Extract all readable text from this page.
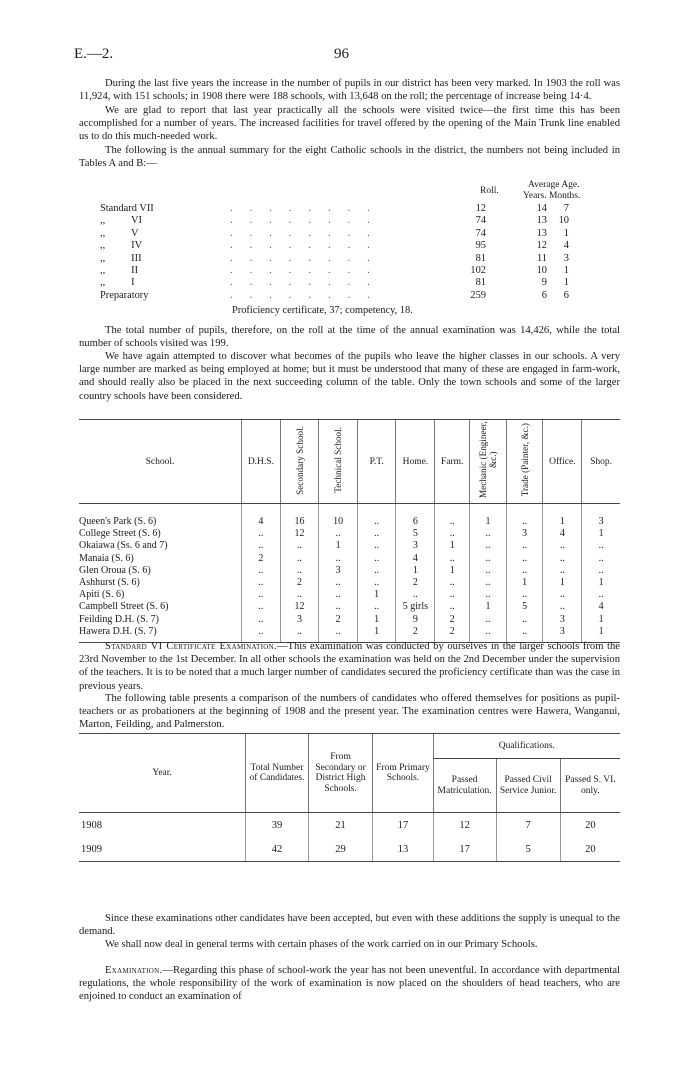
E.—2.	96

During the last five years the increase in the number of pupils in our district has been very marked. In 1903 the roll was 11,924, with 151 schools; in 1908 there were 188 schools, with 13,648 on the roll; the percentage of increase being 14·4.

We are glad to report that last year practically all the schools were visited twice—the first time this has been accomplished for a number of years. The increased facilities for travel offered by the opening of the Main Trunk line enabled us to do this much-needed work.

The following is the annual summary for the eight Catholic schools in the district, the numbers not being included in Tables A and B:—

Roll.
Average Age.
Years. Months.
Standard VII	........	12	14	7
,,          VI	........	74	13	10
,,          V	........	74	13	1
,,          IV	........	95	12	4
,,          III	........	81	11	3
,,          II	........	102	10	1
,,          I	........	81	9	1
Preparatory	........	259	6	6
Proficiency certificate, 37; competency, 18.

The total number of pupils, therefore, on the roll at the time of the annual examination was 14,426, while the total number of schools visited was 199.

We have again attempted to discover what becomes of the pupils who leave the higher classes in our schools. A very large number are marked as being employed at home; but it must be understood that many of these are engaged in farm-work, and should really also be placed in the next succeeding column of the table. Only the town schools and some of the larger country schools have been considered.

School.	D.H.S.	Secondary School.	Technical School.	P.T.	Home.	Farm.	Mechanic (Engineer, &c.)	Trade (Painter, &c.)	Office.	Shop.
Queen's Park (S. 6)	4	16	10	..	6	..	1	..	1	3
College Street (S. 6)	..	12	..	..	5	..	..	3	4	1
Okaiawa (Ss. 6 and 7)	..	..	1	..	3	1	..	..	..	..
Manaia (S. 6)	2	..	..	..	4	..	..	..	..	..
Glen Oroua (S. 6)	..	..	3	..	1	1	..	..	..	..
Ashhurst (S. 6)	..	2	..	..	2	..	..	1	1	1
Apiti (S. 6)	..	..	..	1	..	..	..	..	..	..
Campbell Street (S. 6)	..	12	..	..	5 girls	..	1	5	..	4
Feilding D.H. (S. 7)	..	3	2	1	9	2	..	..	3	1
Hawera D.H. (S. 7)	..	..	..	1	2	2	..	..	3	1

Standard VI Certificate Examination.—This examination was conducted by ourselves in the larger schools from the 23rd November to the 1st December. In all other schools the examination was held on the 2nd December under the supervision of the teachers. It is to be noted that a much larger number of candidates secured the proficiency certificate than was the case in previous years.

The following table presents a comparison of the numbers of candidates who offered themselves for positions as pupil-teachers or as probationers at the beginning of 1908 and the present year. The examination centres were Hawera, Wanganui, Marton, Feilding, and Palmerston.

Year.	Total Number of Candidates.	From Secondary or District High Schools.	From Primary Schools.	Qualifications.		
				Passed Matriculation.	Passed Civil Service Junior.	Passed S. VI. only.
1908	39	21	17	12	7	20
1909	42	29	13	17	5	20

Since these examinations other candidates have been accepted, but even with these additions the supply is unequal to the demand.

We shall now deal in general terms with certain phases of the work carried on in our Primary Schools.

Examination.—Regarding this phase of school-work the year has not been uneventful. In accordance with departmental regulations, the whole responsibility of the work of examination is now placed on the shoulders of head teachers, who are enjoined to conduct an examination of
